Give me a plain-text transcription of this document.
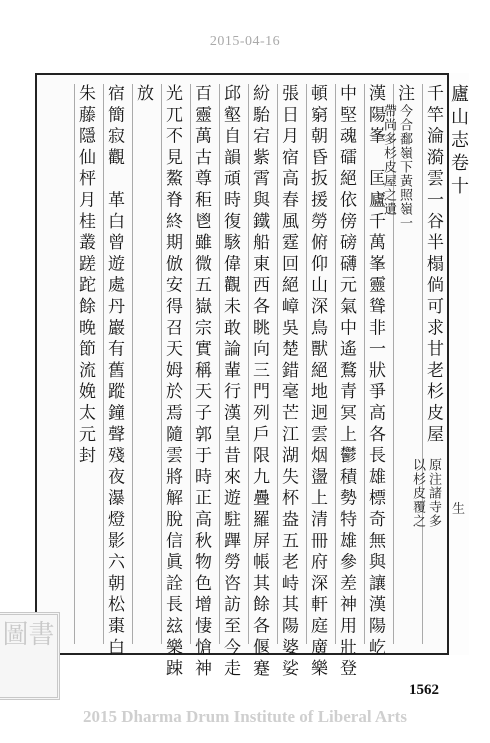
2015-04-16
廬山志卷十
生
千竿淪漪雲一谷半榻倘可求甘老杉皮屋
注
漢陽峯　匡廬千萬峯靈聳非一狀爭高各長雄標奇無與讓漢陽屹
中堅魂礌絕依傍磅礴元氣中遙鶩青冥上鬱積勢特雄參差神用壯登
頓窮朝昏扳援勞俯仰山深鳥獸絕地迥雲烟盪上清冊府深軒庭廣樂
張日月宿高春風霆回絕嶂吳楚錯毫芒江湖失杯盎五老峙其陽婆娑
紛駘宕紫霄與鐵船東西各眺向三門列戶限九疊羅屏帳其餘各偃蹇
邱壑自韻頑時復駭偉觀未敢論輩行漢皇昔來遊駐蹕勞咨訪至今走
百靈萬古尊秬鬯雖微五嶽宗實稱天子郭于時正高秋物色增悽愴神
光兀不見鰲脊終期倣安得召天姆於焉隨雲將解脫信眞詮長玆樂踈
放
宿簡寂觀　革白曾遊處丹巖有舊蹤鐘聲殘夜瀑燈影六朝松棗白
朱藤隱仙枰月桂叢蹉跎餘晚節流娩太元封
原注諸寺多
以杉皮覆之
今合鄱嶺下黃照嶺一
帶尚多杉皮屋之遺
1562
圖書
2015 Dharma Drum Institute of Liberal Arts
